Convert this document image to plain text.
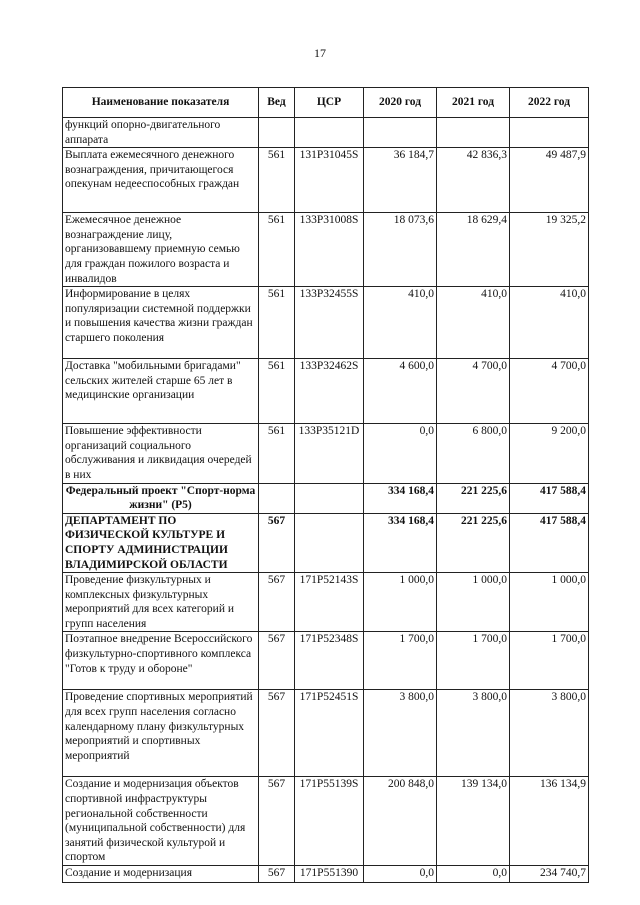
17
Наименование показателя	Вед	ЦСР	2020 год	2021 год	2022 год
функций опорно-двигательного аппарата					
Выплата ежемесячного денежного вознаграждения, причитающегося опекунам недееспособных граждан	561	131P31045S	36 184,7	42 836,3	49 487,9
Ежемесячное денежное вознаграждение лицу, организовавшему приемную семью для граждан пожилого возраста и инвалидов	561	133P31008S	18 073,6	18 629,4	19 325,2
Информирование в целях популяризации системной поддержки и повышения качества жизни граждан старшего поколения	561	133P32455S	410,0	410,0	410,0
Доставка "мобильными бригадами" сельских жителей старше 65 лет в медицинские организации	561	133P32462S	4 600,0	4 700,0	4 700,0
Повышение эффективности организаций социального обслуживания и ликвидация очередей в них	561	133P35121D	0,0	6 800,0	9 200,0
Федеральный проект "Спорт-норма жизни" (P5)			334 168,4	221 225,6	417 588,4
ДЕПАРТАМЕНТ ПО ФИЗИЧЕСКОЙ КУЛЬТУРЕ И СПОРТУ АДМИНИСТРАЦИИ ВЛАДИМИРСКОЙ ОБЛАСТИ	567		334 168,4	221 225,6	417 588,4
Проведение физкультурных и комплексных физкультурных мероприятий для всех категорий и групп населения	567	171P52143S	1 000,0	1 000,0	1 000,0
Поэтапное внедрение Всероссийского физкультурно-спортивного комплекса "Готов к труду и обороне"	567	171P52348S	1 700,0	1 700,0	1 700,0
Проведение спортивных мероприятий для всех групп населения согласно календарному плану физкультурных мероприятий и спортивных мероприятий	567	171P52451S	3 800,0	3 800,0	3 800,0
Создание и модернизация объектов спортивной инфраструктуры региональной собственности (муниципальной собственности) для занятий физической культурой и спортом	567	171P55139S	200 848,0	139 134,0	136 134,9
Создание и модернизация	567	171P551390	0,0	0,0	234 740,7
